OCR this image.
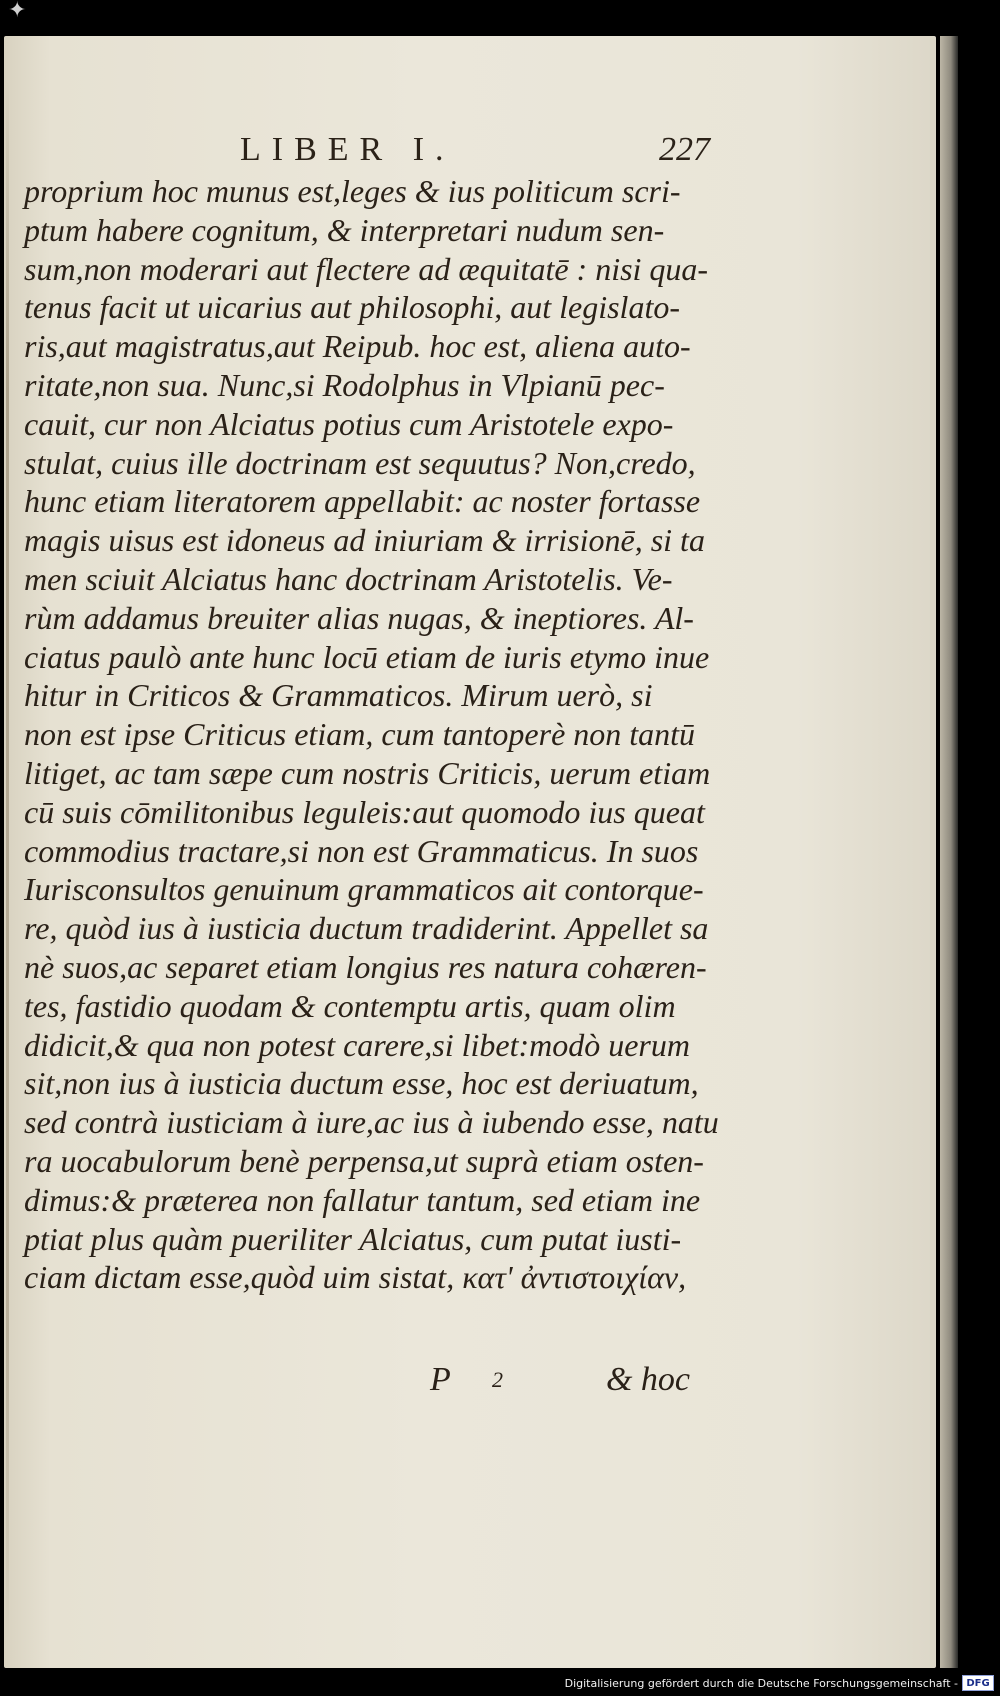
✦
LIBER I.	227
proprium hoc munus est,leges & ius politicum scri-
ptum habere cognitum, & interpretari nudum sen-
sum,non moderari aut flectere ad æquitatē : nisi qua-
tenus facit ut uicarius aut philosophi, aut legislato-
ris,aut magistratus,aut Reipub. hoc est, aliena auto-
ritate,non sua. Nunc,si Rodolphus in Vlpianū pec-
cauit, cur non Alciatus potius cum Aristotele expo-
stulat, cuius ille doctrinam est sequutus? Non,credo,
hunc etiam literatorem appellabit: ac noster fortasse
magis uisus est idoneus ad iniuriam & irrisionē, si ta
men sciuit Alciatus hanc doctrinam Aristotelis. Ve-
rùm addamus breuiter alias nugas, & ineptiores. Al-
ciatus paulò ante hunc locū etiam de iuris etymo inue
hitur in Criticos & Grammaticos. Mirum uerò, si
non est ipse Criticus etiam, cum tantoperè non tantū
litiget, ac tam sæpe cum nostris Criticis, uerum etiam
cū suis cōmilitonibus leguleis:aut quomodo ius queat
commodius tractare,si non est Grammaticus. In suos
Iurisconsultos genuinum grammaticos ait contorque-
re, quòd ius à iusticia ductum tradiderint. Appellet sa
nè suos,ac separet etiam longius res natura cohæren-
tes, fastidio quodam & contemptu artis, quam olim
didicit,& qua non potest carere,si libet:modò uerum
sit,non ius à iusticia ductum esse, hoc est deriuatum,
sed contrà iusticiam à iure,ac ius à iubendo esse, natu
ra uocabulorum benè perpensa,ut suprà etiam osten-
dimus:& præterea non fallatur tantum, sed etiam ine
ptiat plus quàm pueriliter Alciatus, cum putat iusti-
ciam dictam esse,quòd uim sistat, κατ' ἀντιστοιχίαν,
P 2	& hoc
Digitalisierung gefördert durch die Deutsche Forschungsgemeinschaft - DFG
